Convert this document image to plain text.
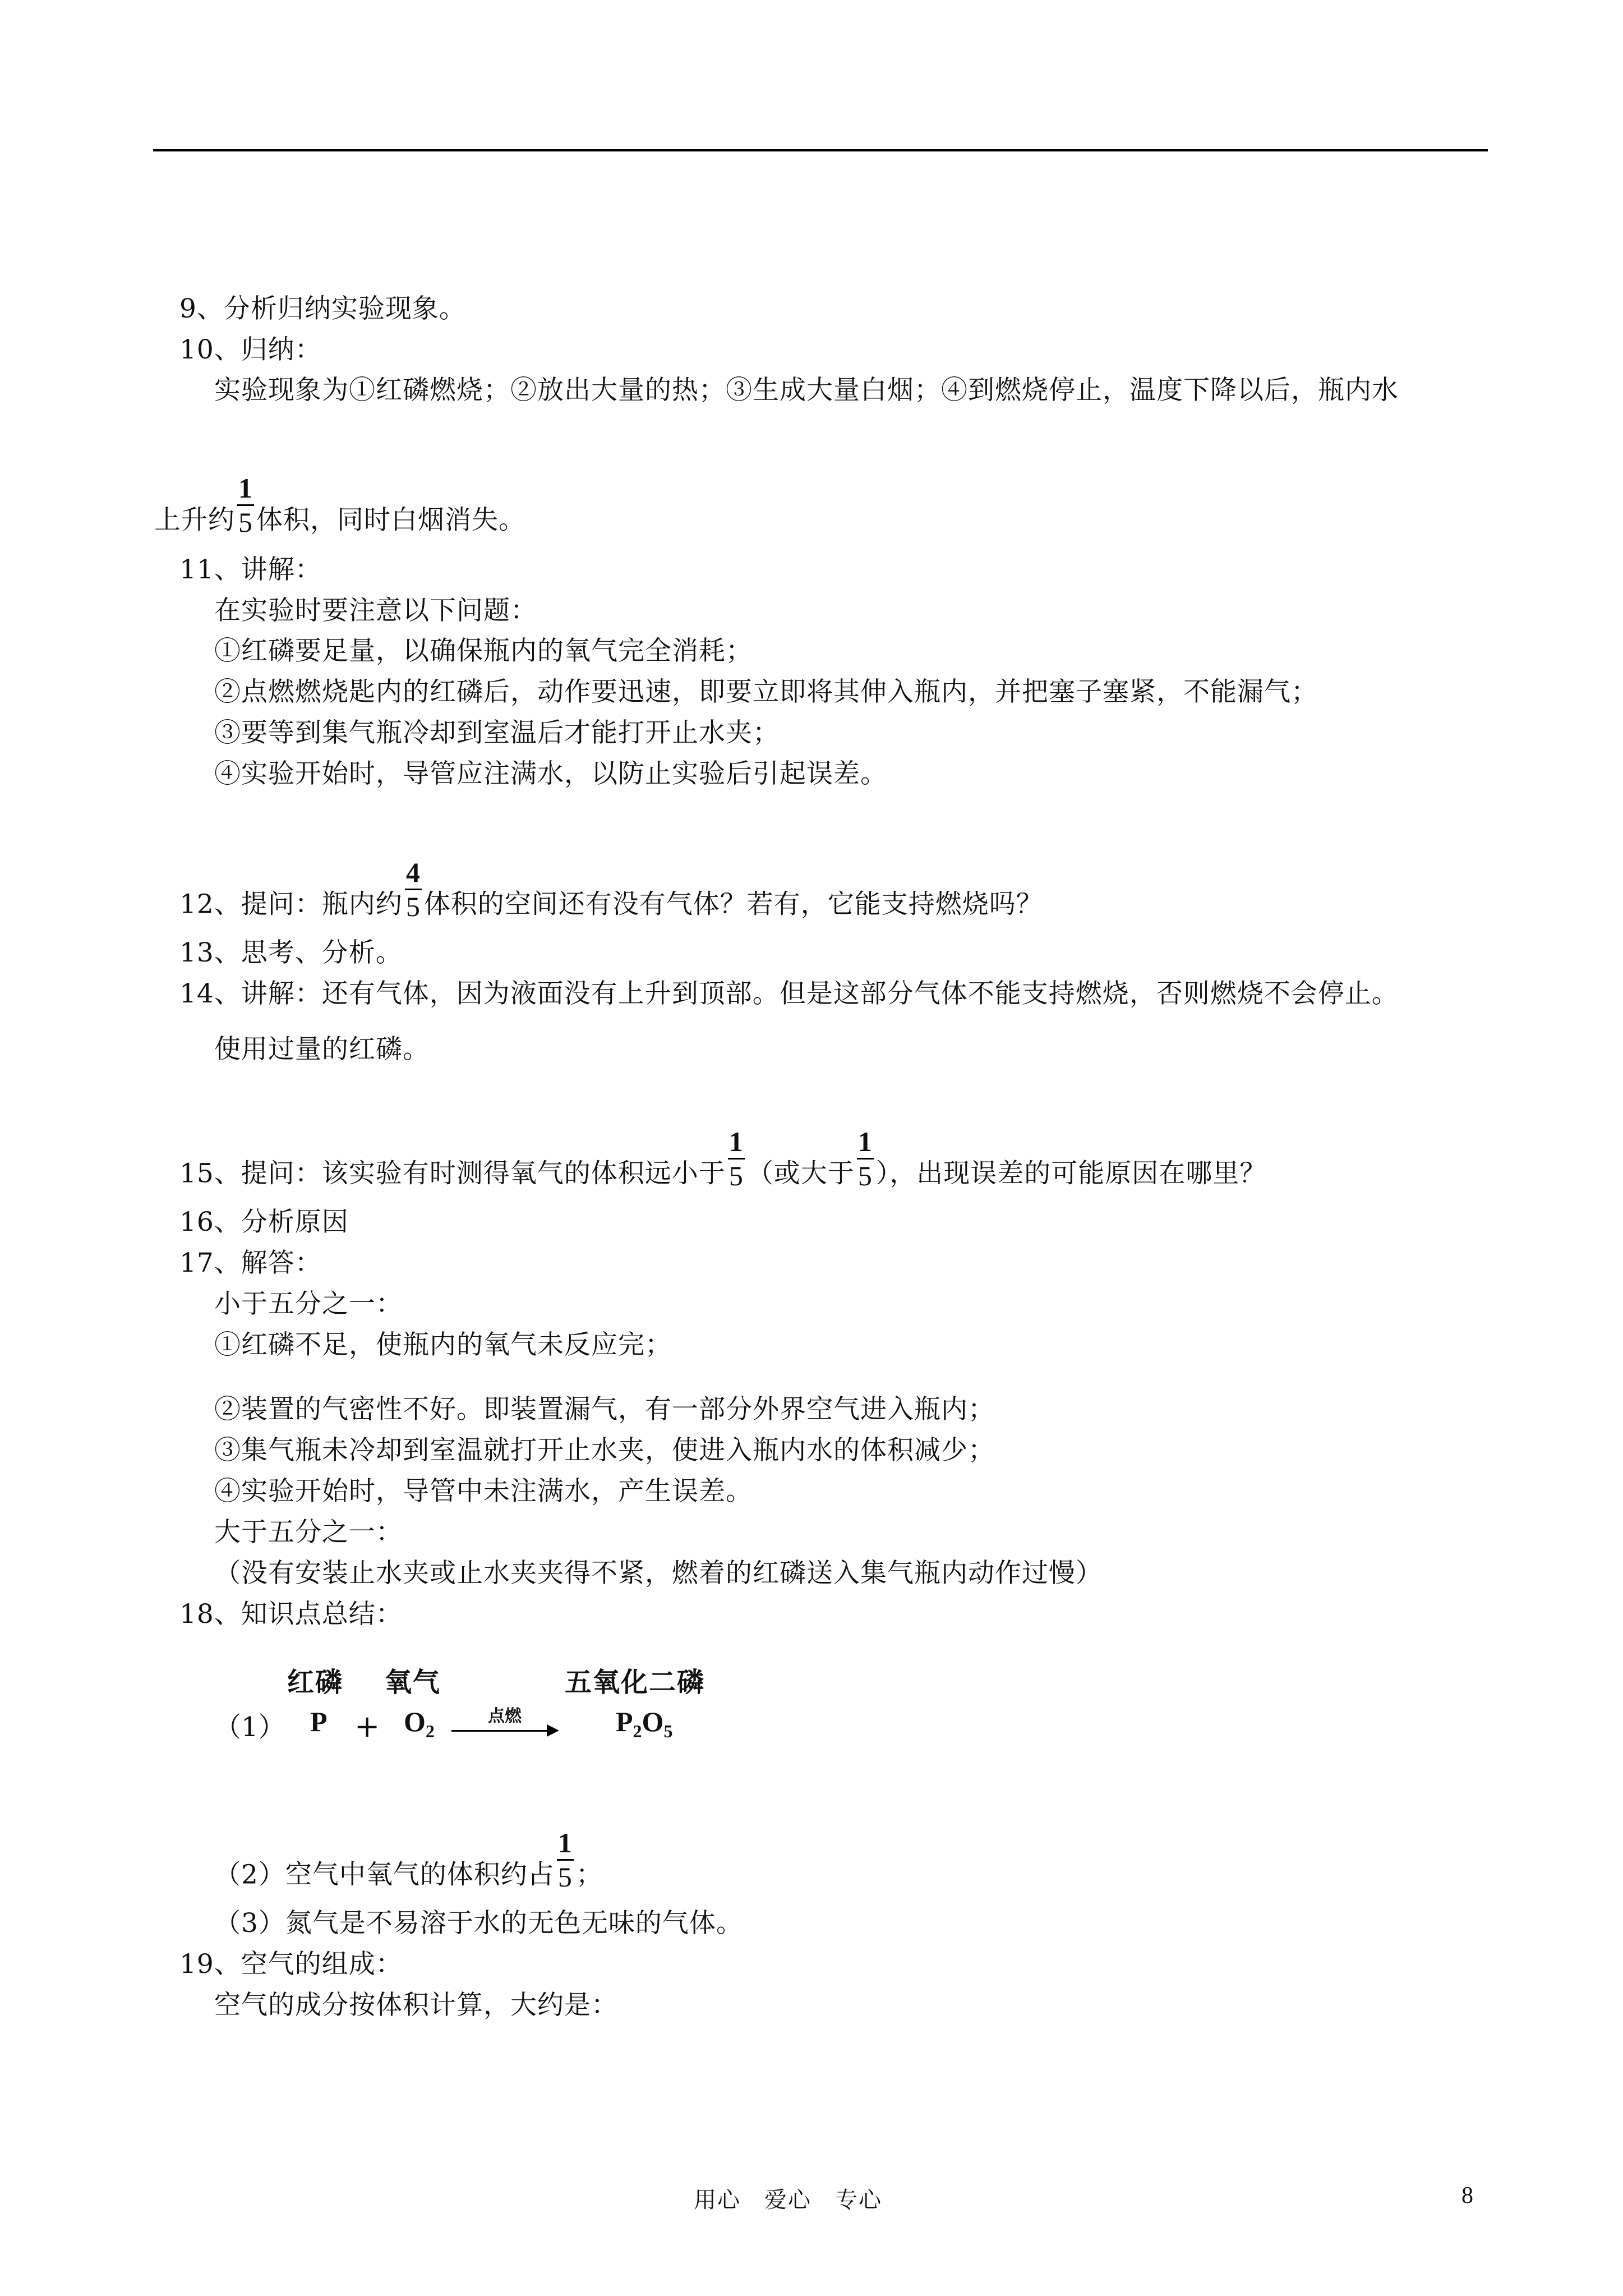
9、分析归纳实验现象。
10、归纳：
实验现象为①红磷燃烧；②放出大量的热；③生成大量白烟；④到燃烧停止，温度下降以后，瓶内水
上升约 $\frac{1}{5}$ 体积，同时白烟消失。
11、讲解：
在实验时要注意以下问题：
①红磷要足量，以确保瓶内的氧气完全消耗；
②点燃燃烧匙内的红磷后，动作要迅速，即要立即将其伸入瓶内，并把塞子塞紧，不能漏气；
③要等到集气瓶冷却到室温后才能打开止水夹；
④实验开始时，导管应注满水，以防止实验后引起误差。
12、提问：瓶内约 $\frac{4}{5}$ 体积的空间还有没有气体？若有，它能支持燃烧吗？
13、思考、分析。
14、讲解：还有气体，因为液面没有上升到顶部。但是这部分气体不能支持燃烧，否则燃烧不会停止。
使用过量的红磷。
15、提问：该实验有时测得氧气的体积远小于 $\frac{1}{5}$ （或大于 $\frac{1}{5}$ ），出现误差的可能原因在哪里？
16、分析原因
17、解答：
小于五分之一：
①红磷不足，使瓶内的氧气未反应完；
②装置的气密性不好。即装置漏气，有一部分外界空气进入瓶内；
③集气瓶未冷却到室温就打开止水夹，使进入瓶内水的体积减少；
④实验开始时，导管中未注满水，产生误差。
大于五分之一：
（没有安装止水夹或止水夹夹得不紧，燃着的红磷送入集气瓶内动作过慢）
18、知识点总结：
红磷 氧气	五氧化二磷
（1） $P + O_2$
点燃	$P_2O_5$
（2）空气中氧气的体积约占 $\frac{1}{5}$ ；
（3）氮气是不易溶于水的无色无味的气体。
19、空气的组成：
空气的成分按体积计算，大约是：
用心　爱心　专心	8
